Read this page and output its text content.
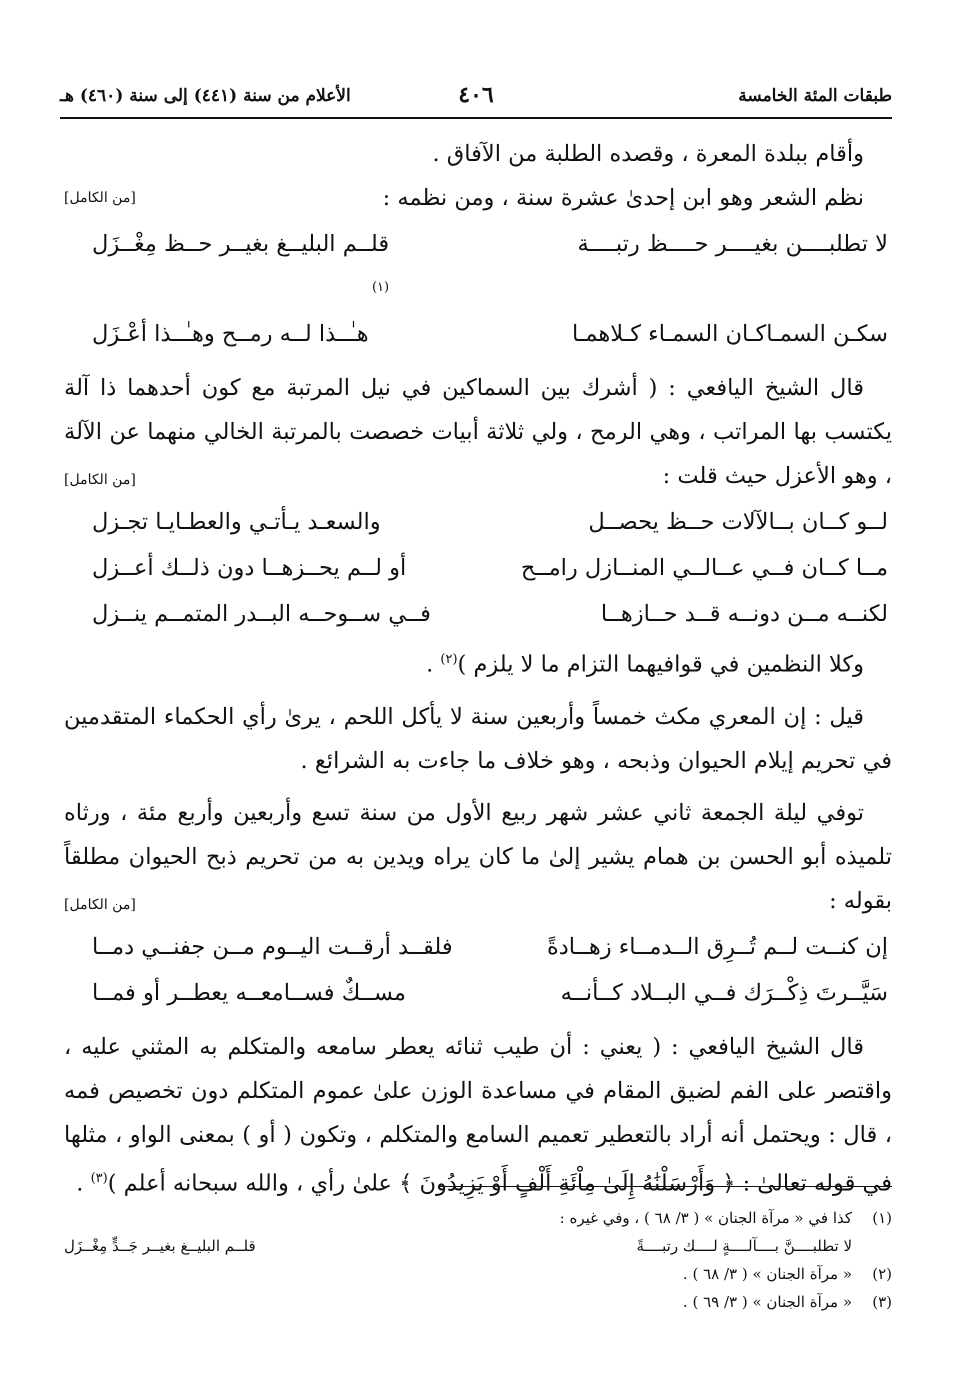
طبقات المئة الخامسة
٤٠٦
الأعلام من سنة (٤٤١) إلى سنة (٤٦٠) هـ

وأقام ببلدة المعرة ، وقصده الطلبة من الآفاق .

[من الكامل]	نظم الشعر وهو ابن إحدىٰ عشرة سنة ، ومن نظمه :

لا تطلبــــن بغيــــر حــــظ رتبــــة
قلــم البليــغ بغيــر حــظ مِغْــزَل
(١)
سكـن السمـاكـان السمـاء كـلاهمـا
هـٰــذا لــه رمــح وهـٰــذا أعْـزَل

قال الشيخ اليافعي : ( أشرك بين السماكين في نيل المرتبة مع كون أحدهما ذا آلة يكتسب بها المراتب ، وهي الرمح ، ولي ثلاثة أبيات خصصت بالمرتبة الخالي منهما عن الآلة ، وهو الأعزل حيث قلت :

[من الكامل]
لــو كــان بــالآلات حــظ يحصــل
والسعـد يـأتـي والعطـايـا تجـزل
مــا كــان فــي عــالــي المنــازل رامــح
أو لــم يحــزهــا دون ذلــك أعــزل
لكنــه مــن دونــه قــد حــازهــا
فــي ســوحــه البــدر المتمــم ينــزل

وكلا النظمين في قوافيهما التزام ما لا يلزم )$^{(٢)}$ .

قيل : إن المعري مكث خمساً وأربعين سنة لا يأكل اللحم ، يرىٰ رأي الحكماء المتقدمين في تحريم إيلام الحيوان وذبحه ، وهو خلاف ما جاءت به الشرائع .

توفي ليلة الجمعة ثاني عشر شهر ربيع الأول من سنة تسع وأربعين وأربع مئة ، ورثاه تلميذه أبو الحسن بن همام يشير إلىٰ ما كان يراه ويدين به من تحريم ذبح الحيوان مطلقاً بقوله :

[من الكامل]
إن كنــت لــم تُــرِق الــدمــاء زهــادةً
فلقــد أرقــت اليــوم مــن جفنــي دمــا
سَيَّــرتَ ذِكْــرَك فــي البــلاد كــأنــه
مســكٌ فســامعــه يعطــر أو فمــا

قال الشيخ اليافعي : ( يعني : أن طيب ثنائه يعطر سامعه والمتكلم به المثني عليه ، واقتصر على الفم لضيق المقام في مساعدة الوزن علىٰ عموم المتكلم دون تخصيص فمه ، قال : ويحتمل أنه أراد بالتعطير تعميم السامع والمتكلم ، وتكون ( أو ) بمعنى الواو ، مثلها في قوله تعالىٰ : ﴿ وَأَرْسَلْنَٰهُ إِلَىٰ مِاْئَةِ أَلْفٍ أَوْ يَزِيدُونَ ﴾ علىٰ رأي ، والله سبحانه أعلم )$^{(٣)}$ .

(١)
كذا في « مرآة الجنان » ( ٣/ ٦٨ ) ، وفي غيره :
لا تطلبــــنَّ بــــآلــــةٍ لــــك رتبــــةً
قلــم البليــغ بغيــر جَــدٍّ مِغْــزَل
(٢)
« مرآة الجنان » ( ٣/ ٦٨ ) .
(٣)
« مرآة الجنان » ( ٣/ ٦٩ ) .
